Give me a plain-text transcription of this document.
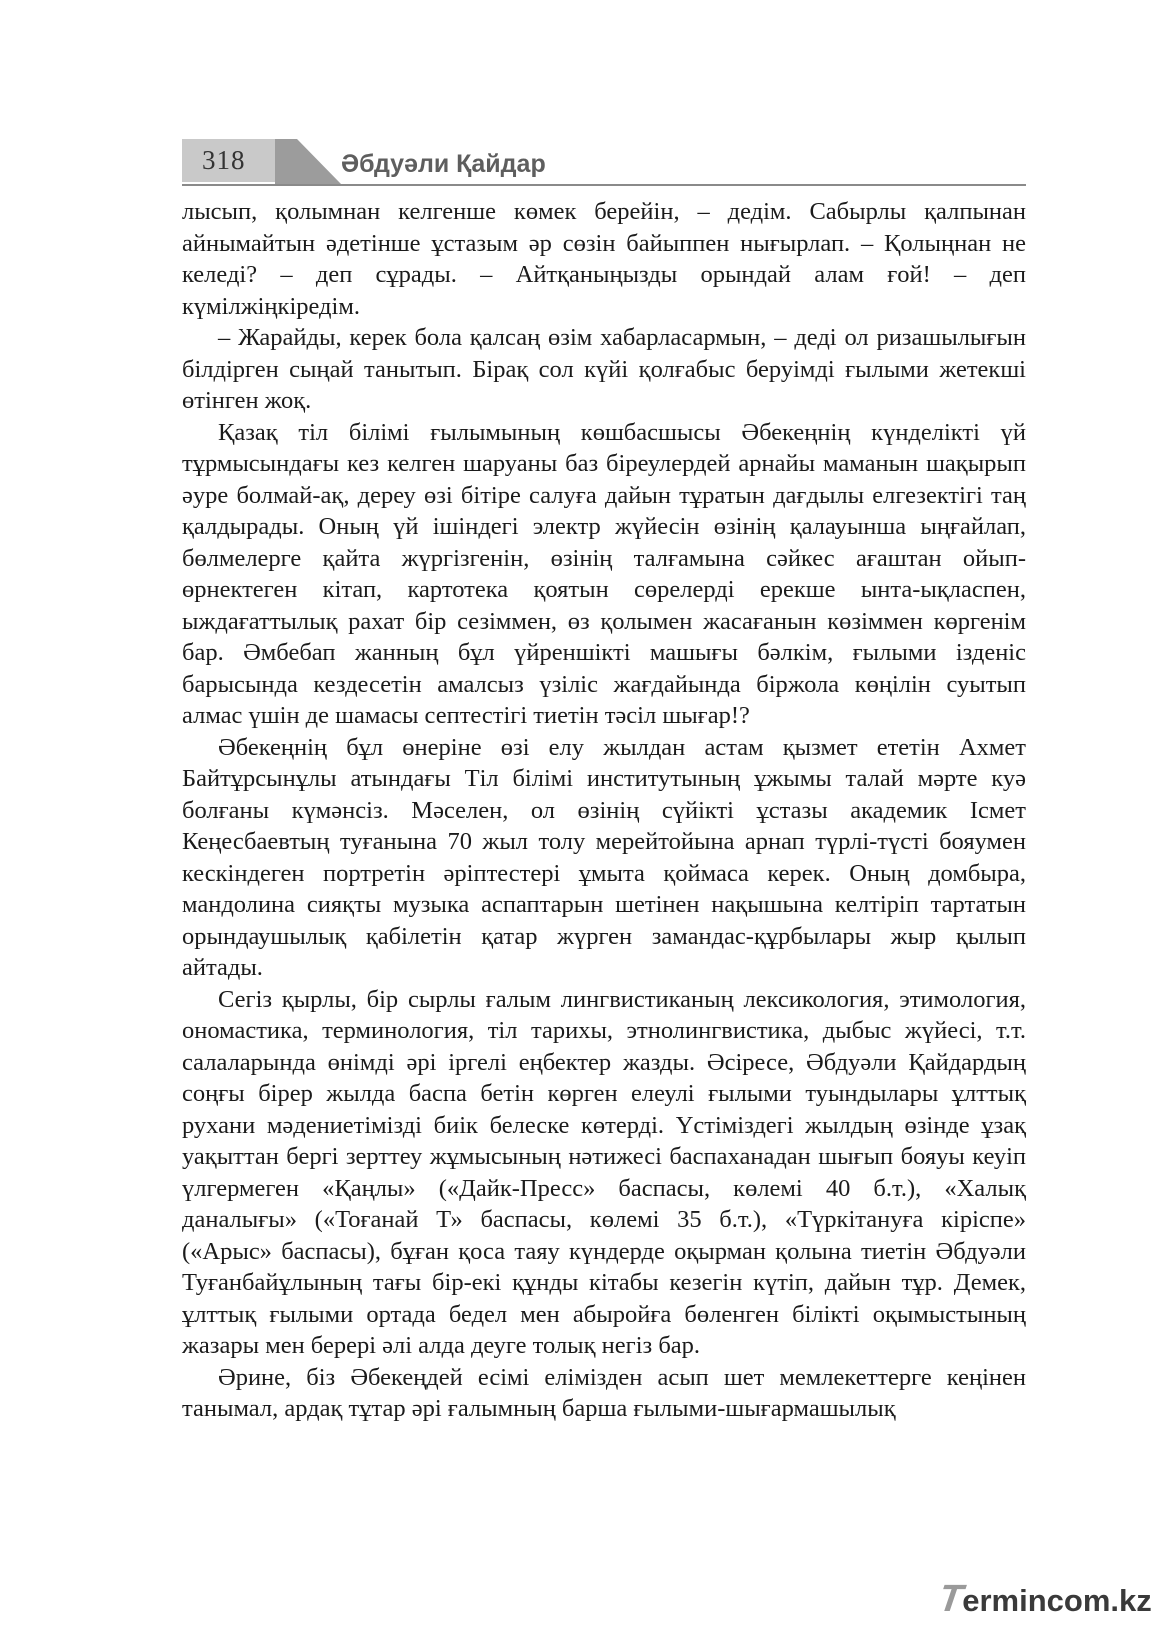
318	Әбдуәли Қайдар

лысып, қолымнан келгенше көмек берейін, – дедім. Сабырлы қалпынан айнымайтын әдетінше ұстазым әр сөзін байыппен нығырлап. – Қолыңнан не келеді? – деп сұрады. – Айтқаныңызды орындай алам ғой! – деп күмілжіңкіредім.

– Жарайды, керек бола қалсаң өзім хабарласармын, – деді ол ризашылығын білдірген сыңай танытып. Бірақ сол күйі қолғабыс беруімді ғылыми жетекші өтінген жоқ.

Қазақ тіл білімі ғылымының көшбасшысы Әбекеңнің күнделікті үй тұрмысындағы кез келген шаруаны баз біреулердей арнайы маманын шақырып әуре болмай-ақ, дереу өзі бітіре салуға дайын тұратын дағдылы елгезектігі таң қалдырады. Оның үй ішіндегі электр жүйесін өзінің қалауынша ыңғайлап, бөлмелерге қайта жүргізгенін, өзінің талғамына сәйкес ағаштан ойып-өрнектеген кітап, картотека қоятын сөрелерді ерекше ынта-ықласпен, ыждағаттылық рахат бір сезіммен, өз қолымен жасағанын көзіммен көргенім бар. Әмбебап жанның бұл үйреншікті машығы бәлкім, ғылыми ізденіс барысында кездесетін амалсыз үзіліс жағдайында біржола көңілін суытып алмас үшін де шамасы септестігі тиетін тәсіл шығар!?

Әбекеңнің бұл өнеріне өзі елу жылдан астам қызмет ететін Ахмет Байтұрсынұлы атындағы Тіл білімі институтының ұжымы талай мәрте куә болғаны күмәнсіз. Мәселен, ол өзінің сүйікті ұстазы академик Ісмет Кеңесбаевтың туғанына 70 жыл толу мерейтойына арнап түрлі-түсті бояумен кескіндеген портретін әріптестері ұмыта қоймаса керек. Оның домбыра, мандолина сияқты музыка аспаптарын шетінен нақышына келтіріп тартатын орындаушылық қабілетін қатар жүрген замандас-құрбылары жыр қылып айтады.

Сегіз қырлы, бір сырлы ғалым лингвистиканың лексикология, этимология, ономастика, терминология, тіл тарихы, этнолингвистика, дыбыс жүйесі, т.т. салаларында өнімді әрі іргелі еңбектер жазды. Әсіресе, Әбдуәли Қайдардың соңғы бірер жылда баспа бетін көрген елеулі ғылыми туындылары ұлттық рухани мәдениетімізді биік белеске көтерді. Үстіміздегі жылдың өзінде ұзақ уақыттан бергі зерттеу жұмысының нәтижесі баспаханадан шығып бояуы кеуіп үлгермеген «Қаңлы» («Дайк-Пресс» баспасы, көлемі 40 б.т.), «Халық даналығы» («Тоғанай Т» баспасы, көлемі 35 б.т.), «Түркітануға кіріспе» («Арыс» баспасы), бұған қоса таяу күндерде оқырман қолына тиетін Әбдуәли Туғанбайұлының тағы бір-екі құнды кітабы кезегін күтіп, дайын тұр. Демек, ұлттық ғылыми ортада бедел мен абыройға бөленген білікті оқымыстының жазары мен берері әлі алда деуге толық негіз бар.

Әрине, біз Әбекеңдей есімі елімізден асып шет мемлекеттерге кеңінен танымал, ардақ тұтар әрі ғалымның барша ғылыми-шығармашылық

Termincom.kz
